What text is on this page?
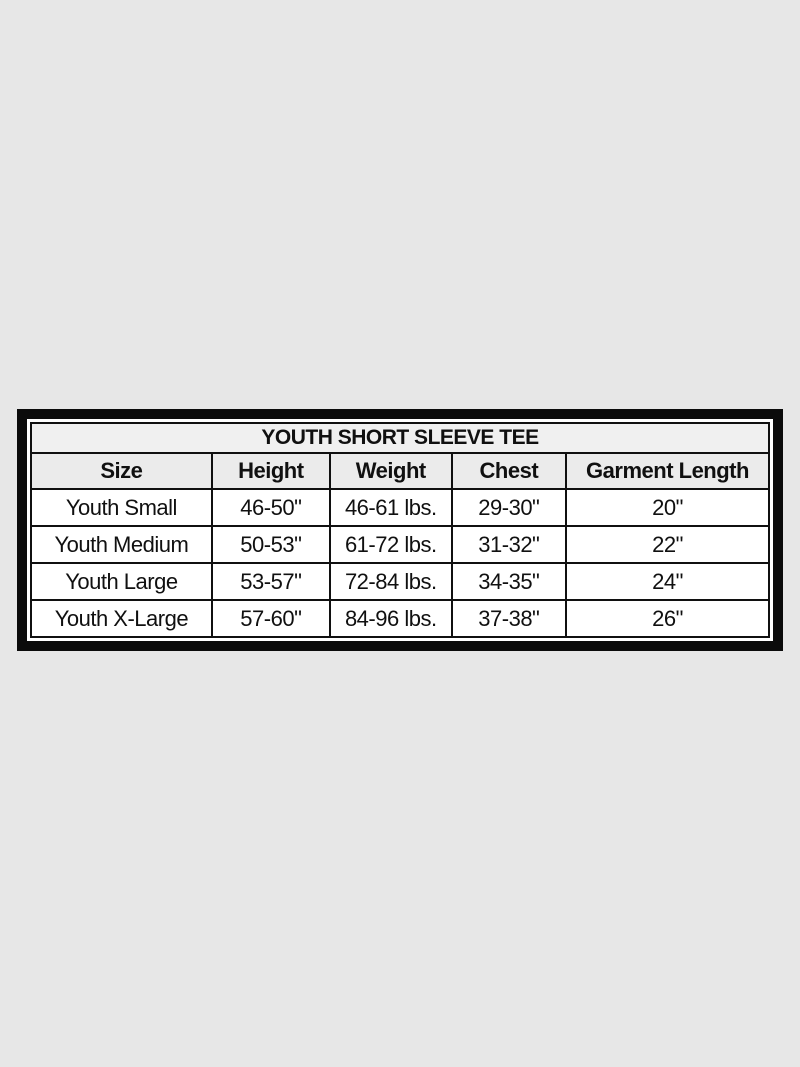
YOUTH SHORT SLEEVE TEE				
Size	Height	Weight	Chest	Garment Length
Youth Small	46-50"	46-61 lbs.	29-30"	20"
Youth Medium	50-53"	61-72 lbs.	31-32"	22"
Youth Large	53-57"	72-84 lbs.	34-35"	24"
Youth X-Large	57-60"	84-96 lbs.	37-38"	26"
